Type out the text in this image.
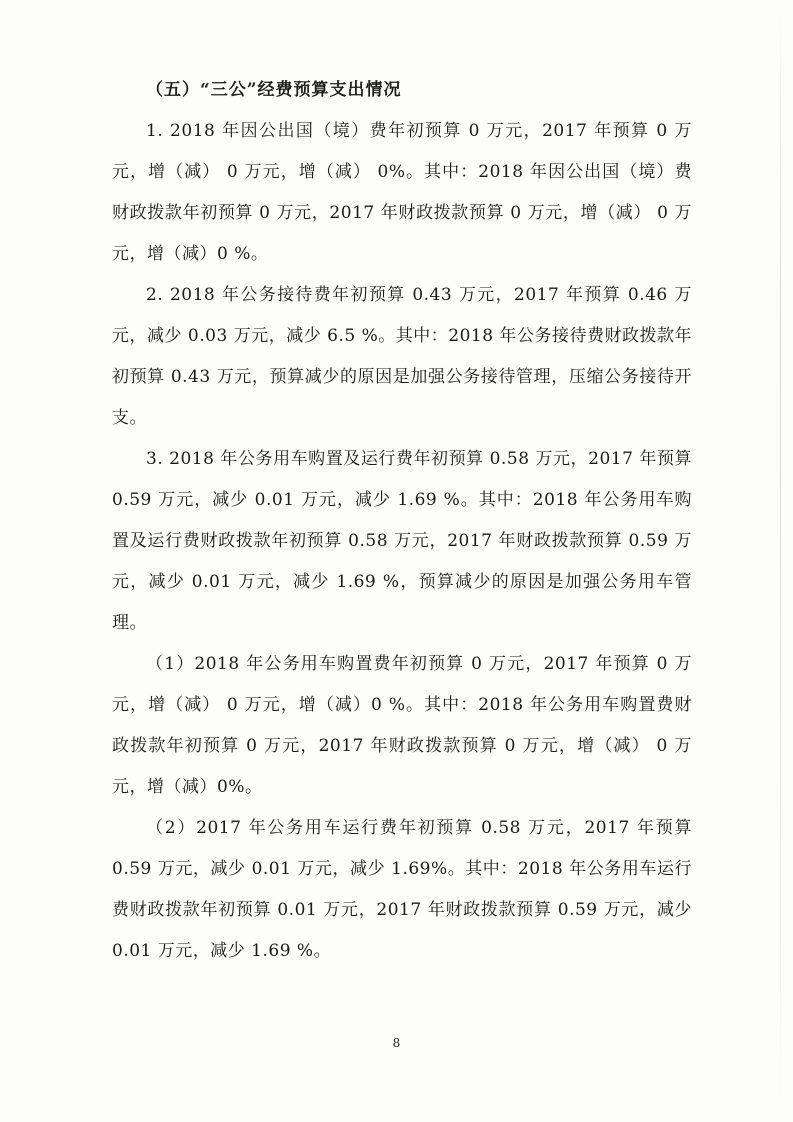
（五）“三公”经费预算支出情况

1. 2018 年因公出国（境）费年初预算 0 万元，2017 年预算 0 万元，增（减） 0 万元，增（减） 0%。其中：2018 年因公出国（境）费财政拨款年初预算 0 万元，2017 年财政拨款预算 0 万元，增（减） 0 万元，增（减）0 %。

2. 2018 年公务接待费年初预算 0.43 万元，2017 年预算 0.46 万元，减少 0.03 万元，减少 6.5 %。其中：2018 年公务接待费财政拨款年初预算 0.43 万元，预算减少的原因是加强公务接待管理，压缩公务接待开支。

3. 2018 年公务用车购置及运行费年初预算 0.58 万元，2017 年预算 0.59 万元，减少 0.01 万元，减少 1.69 %。其中：2018 年公务用车购置及运行费财政拨款年初预算 0.58 万元，2017 年财政拨款预算 0.59 万元，减少 0.01 万元，减少 1.69 %，预算减少的原因是加强公务用车管理。

（1）2018 年公务用车购置费年初预算 0 万元，2017 年预算 0 万元，增（减） 0 万元，增（减）0 %。其中：2018 年公务用车购置费财政拨款年初预算 0 万元，2017 年财政拨款预算 0 万元，增（减） 0 万元，增（减）0%。

（2）2017 年公务用车运行费年初预算 0.58 万元，2017 年预算 0.59 万元，减少 0.01 万元，减少 1.69%。其中：2018 年公务用车运行费财政拨款年初预算 0.01 万元，2017 年财政拨款预算 0.59 万元，减少 0.01 万元，减少 1.69 %。

8
